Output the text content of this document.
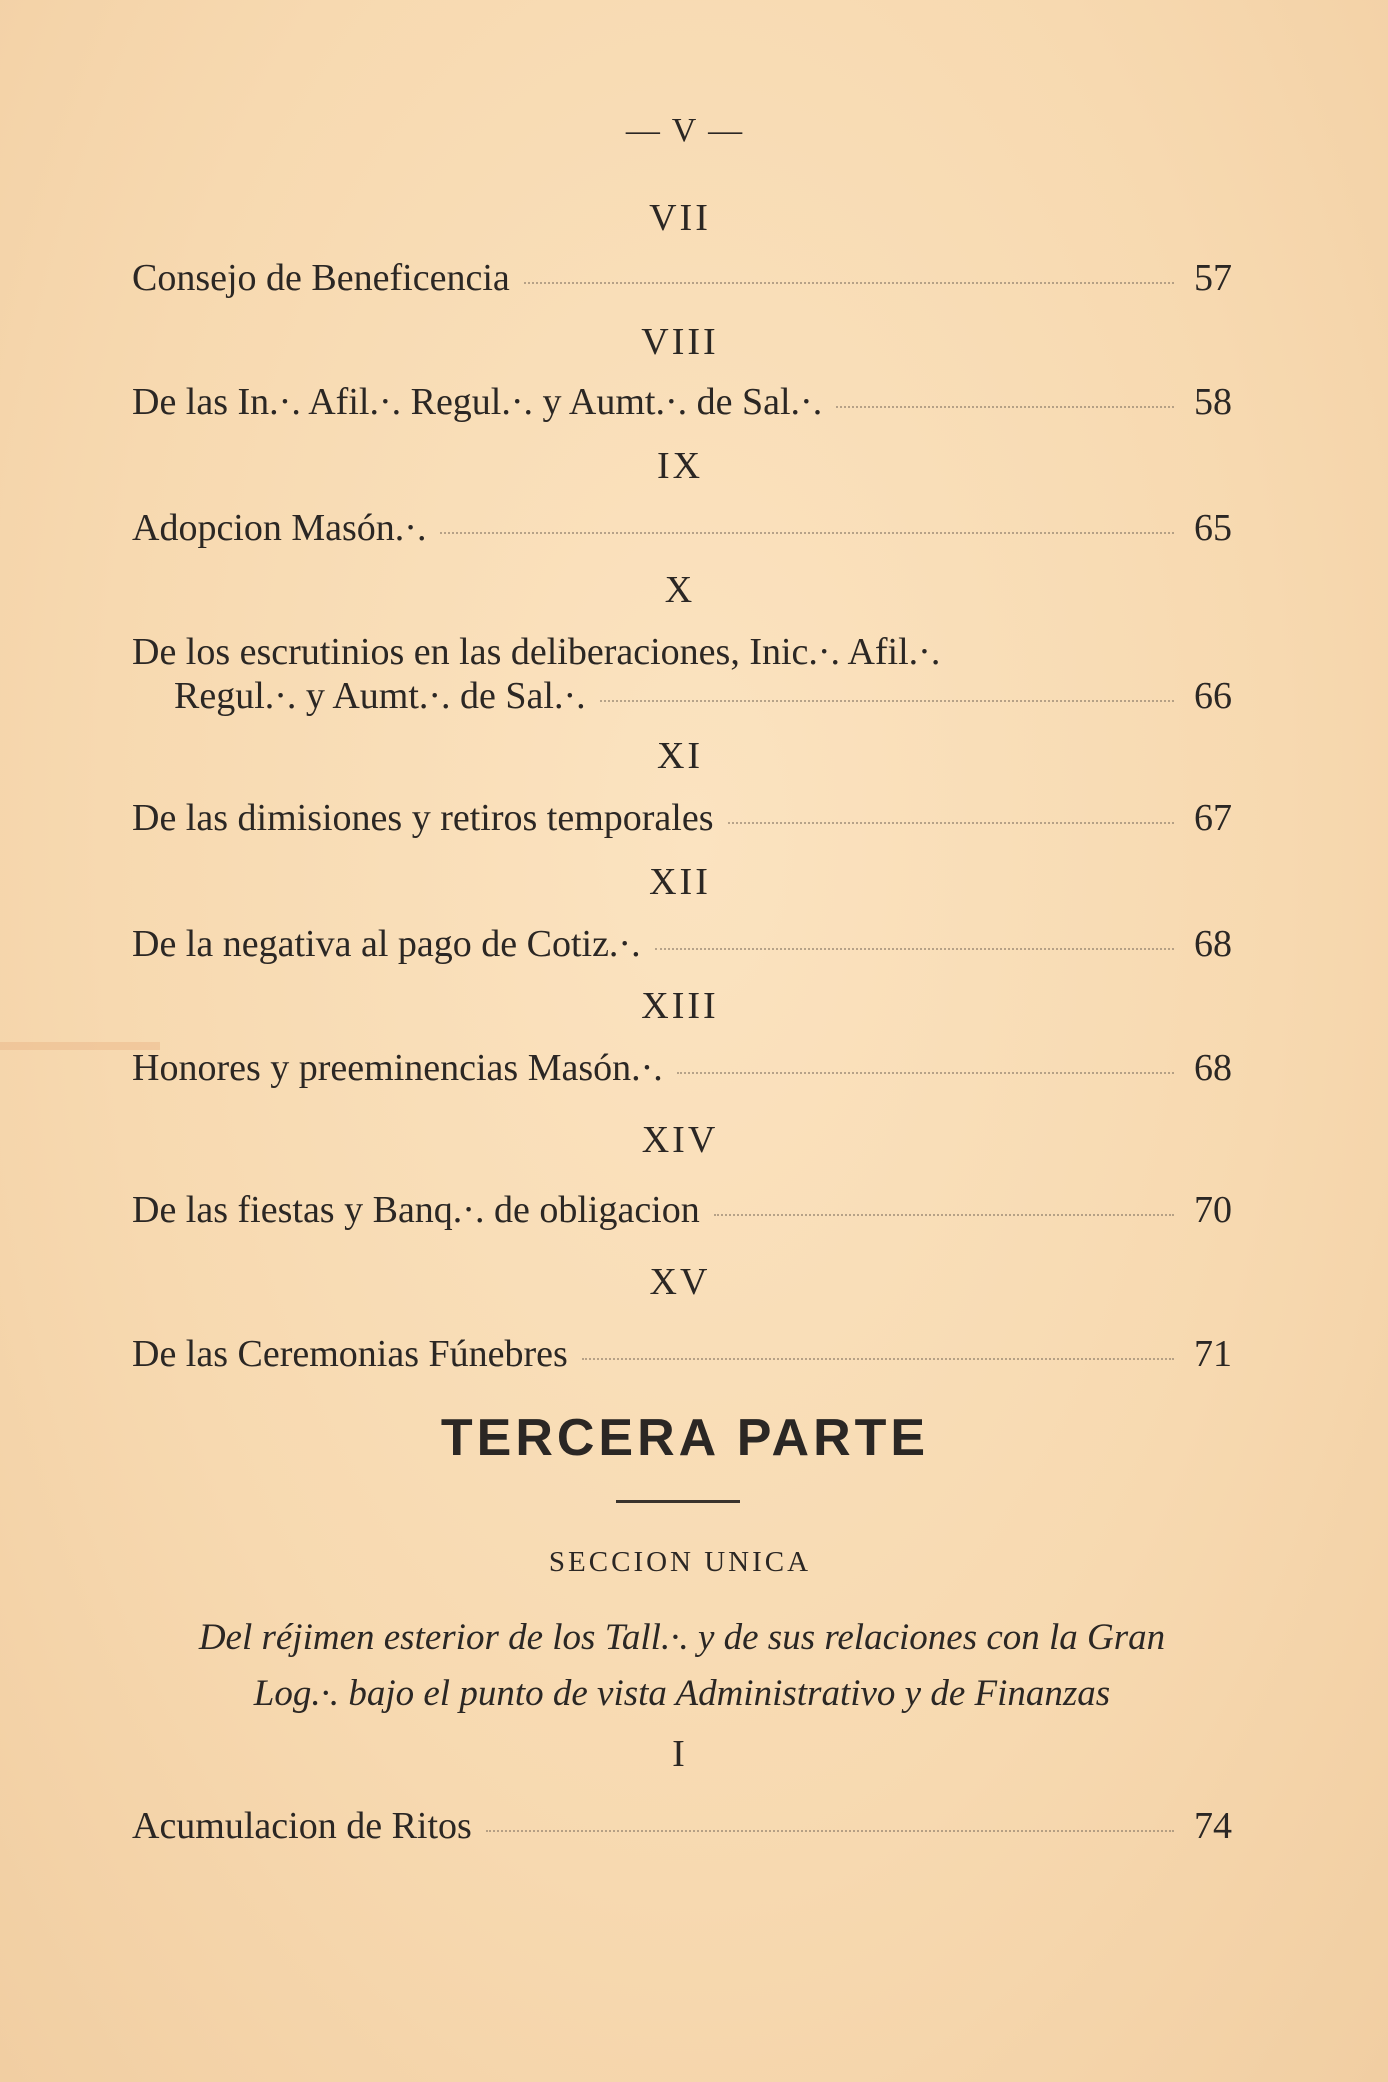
— V —
VII
Consejo de Beneficencia	57
VIII
De las In.·. Afil.·. Regul.·. y Aumt.·. de Sal.·.	58
IX
Adopcion Masón.·.	65
X
De los escrutinios en las deliberaciones, Inic.·. Afil.·.
Regul.·. y Aumt.·. de Sal.·.	66
XI
De las dimisiones y retiros temporales	67
XII
De la negativa al pago de Cotiz.·.	68
XIII
Honores y preeminencias Masón.·.	68
XIV
De las fiestas y Banq.·. de obligacion	70
XV
De las Ceremonias Fúnebres	71
TERCERA PARTE
SECCION UNICA
Del réjimen esterior de los Tall.·. y de sus relaciones con la Gran
Log.·. bajo el punto de vista Administrativo y de Finanzas
I
Acumulacion de Ritos	74
